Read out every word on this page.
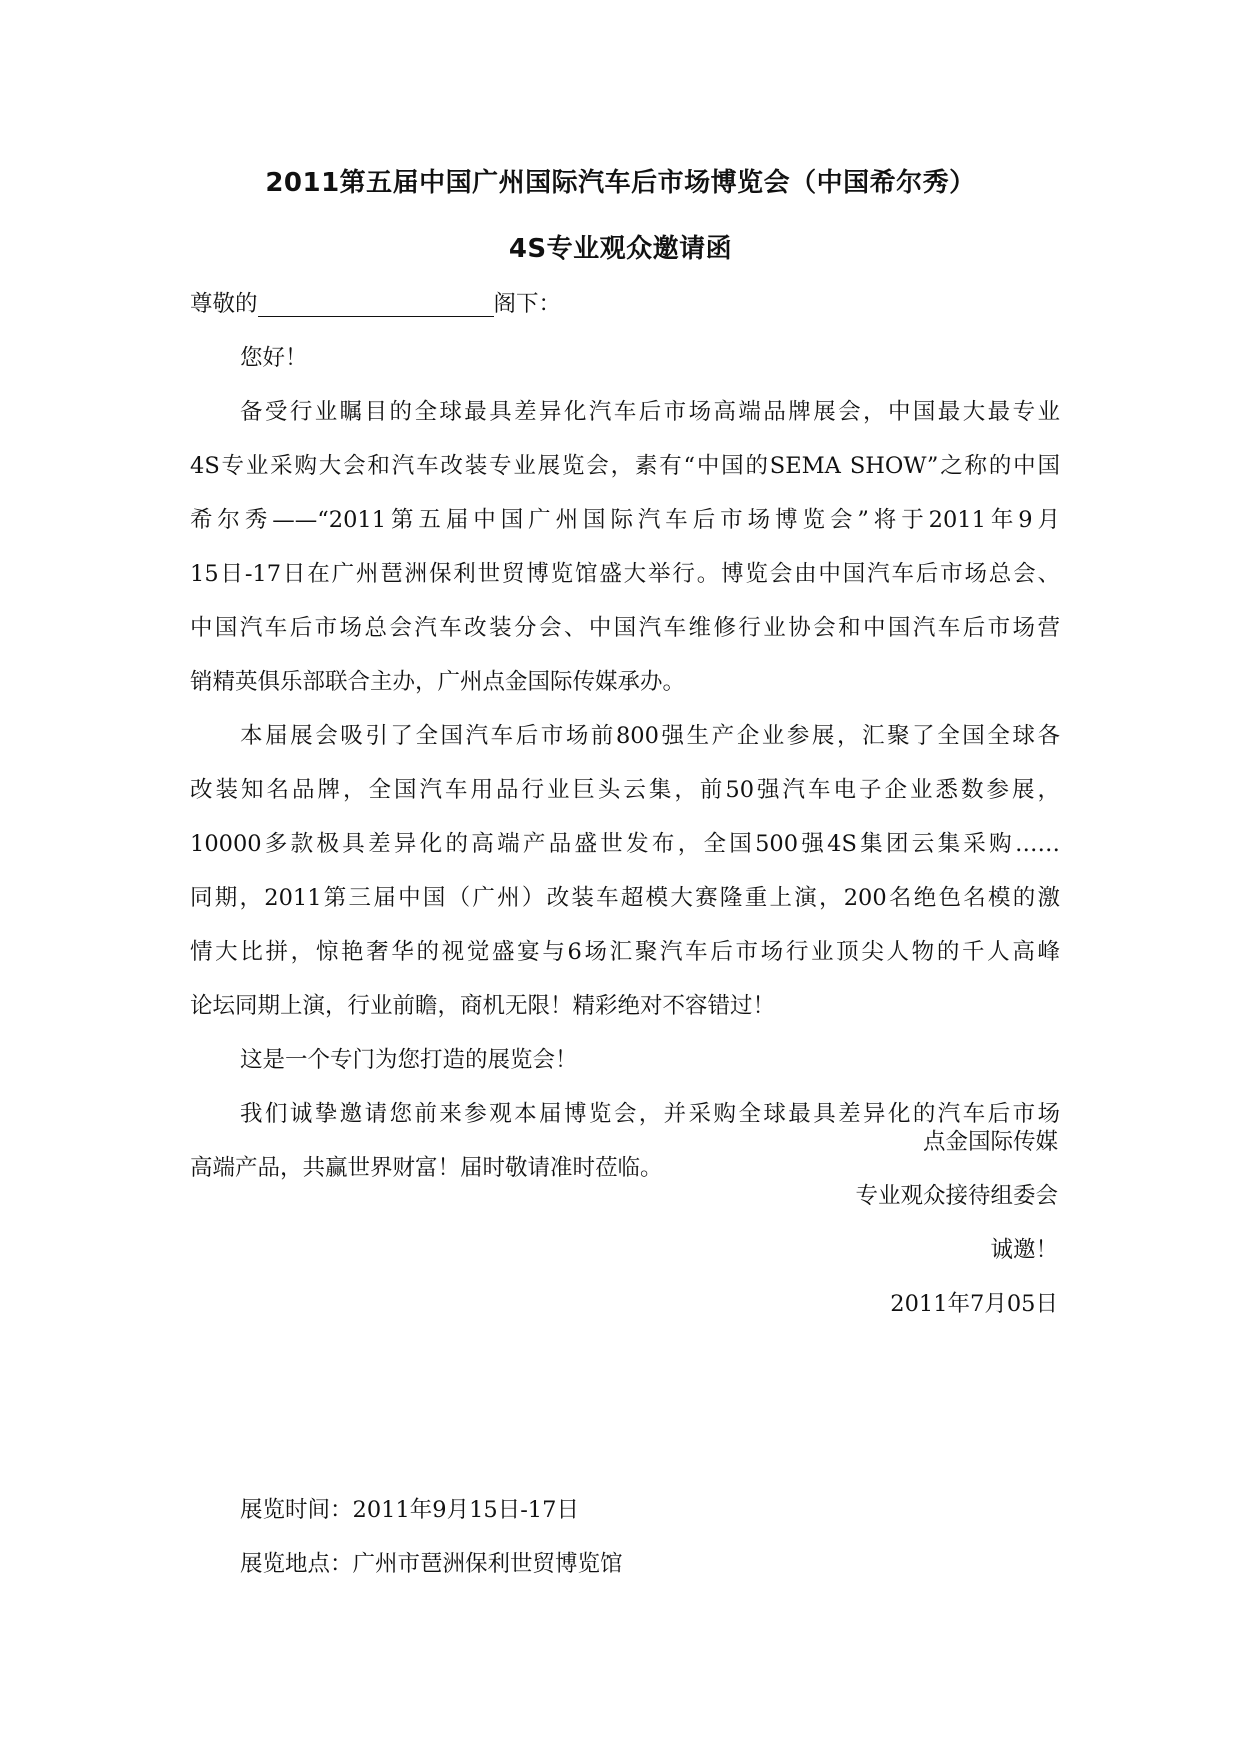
2011第五届中国广州国际汽车后市场博览会（中国希尔秀）
4S专业观众邀请函
尊敬的	阁下：
您好！
备受行业瞩目的全球最具差异化汽车后市场高端品牌展会，中国最大最专业
4S专业采购大会和汽车改装专业展览会，素有“中国的SEMA SHOW”之称的中国
希尔秀——“2011第五届中国广州国际汽车后市场博览会”将于2011年9月
15日-17日在广州琶洲保利世贸博览馆盛大举行。博览会由中国汽车后市场总会、
中国汽车后市场总会汽车改装分会、中国汽车维修行业协会和中国汽车后市场营
销精英俱乐部联合主办，广州点金国际传媒承办。
本届展会吸引了全国汽车后市场前800强生产企业参展，汇聚了全国全球各
改装知名品牌，全国汽车用品行业巨头云集，前50强汽车电子企业悉数参展，
10000多款极具差异化的高端产品盛世发布，全国500强4S集团云集采购……
同期，2011第三届中国（广州）改装车超模大赛隆重上演，200名绝色名模的激
情大比拼，惊艳奢华的视觉盛宴与6场汇聚汽车后市场行业顶尖人物的千人高峰
论坛同期上演，行业前瞻，商机无限！精彩绝对不容错过！
这是一个专门为您打造的展览会！
我们诚挚邀请您前来参观本届博览会，并采购全球最具差异化的汽车后市场
高端产品，共赢世界财富！届时敬请准时莅临。
点金国际传媒
专业观众接待组委会
诚邀！
2011年7月05日
展览时间：2011年9月15日-17日
展览地点：广州市琶洲保利世贸博览馆
